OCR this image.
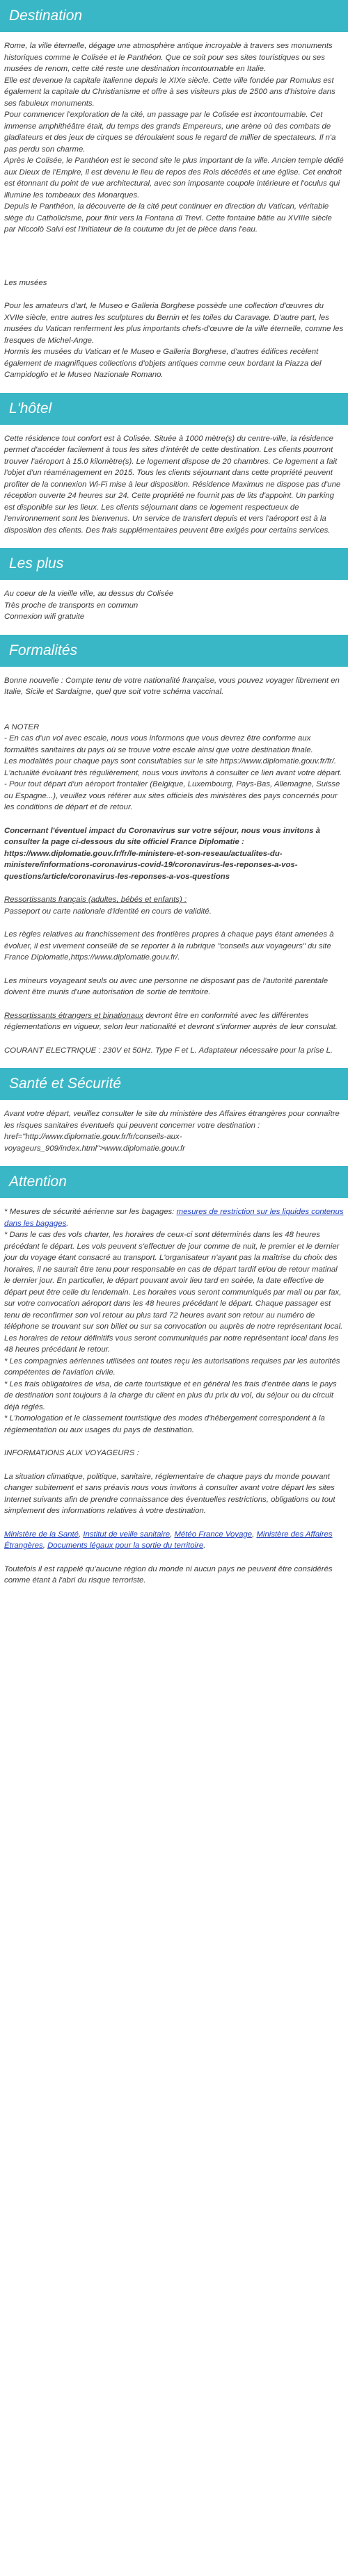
Destination

Rome, la ville éternelle, dégage une atmosphère antique incroyable à travers ses monuments historiques comme le Colisée et le Panthéon. Que ce soit pour ses sites touristiques ou ses musées de renom, cette cité reste une destination incontournable en Italie.

Elle est devenue la capitale italienne depuis le XIXe siècle. Cette ville fondée par Romulus est également la capitale du Christianisme et offre à ses visiteurs plus de 2500 ans d'histoire dans ses fabuleux monuments.

Pour commencer l'exploration de la cité, un passage par le Colisée est incontournable. Cet immense amphithéâtre était, du temps des grands Empereurs, une arène où des combats de gladiateurs et des jeux de cirques se déroulaient sous le regard de millier de spectateurs. Il n'a pas perdu son charme.

Après le Colisée, le Panthéon est le second site le plus important de la ville. Ancien temple dédié aux Dieux de l'Empire, il est devenu le lieu de repos des Rois décédés et une église. Cet endroit est étonnant du point de vue architectural, avec son imposante coupole intérieure et l'oculus qui illumine les tombeaux des Monarques.

Depuis le Panthéon, la découverte de la cité peut continuer en direction du Vatican, véritable siège du Catholicisme, pour finir vers la Fontana di Trevi. Cette fontaine bâtie au XVIIIe siècle par Niccolò Salvi est l'initiateur de la coutume du jet de pièce dans l'eau.

Les musées

Pour les amateurs d'art, le Museo e Galleria Borghese possède une collection d'œuvres du XVIIe siècle, entre autres les sculptures du Bernin et les toiles du Caravage. D'autre part, les musées du Vatican renferment les plus importants chefs-d'œuvre de la ville éternelle, comme les fresques de Michel-Ange.

Hormis les musées du Vatican et le Museo e Galleria Borghese, d'autres édifices recèlent également de magnifiques collections d'objets antiques comme ceux bordant la Piazza del Campidoglio et le Museo Nazionale Romano.

L'hôtel

Cette résidence tout confort est à Colisée. Située à 1000 mètre(s) du centre-ville, la résidence permet d'accéder facilement à tous les sites d'intérêt de cette destination. Les clients pourront trouver l'aéroport à 15.0 kilomètre(s). Le logement dispose de 20 chambres. Ce logement a fait l'objet d'un réaménagement en 2015. Tous les clients séjournant dans cette propriété peuvent profiter de la connexion Wi-Fi mise à leur disposition. Résidence Maximus ne dispose pas d'une réception ouverte 24 heures sur 24. Cette propriété ne fournit pas de lits d'appoint. Un parking est disponible sur les lieux. Les clients séjournant dans ce logement respectueux de l'environnement sont les bienvenus. Un service de transfert depuis et vers l'aéroport est à la disposition des clients. Des frais supplémentaires peuvent être exigés pour certains services.

Les plus

Au coeur de la vieille ville, au dessus du Colisée

Très proche de transports en commun

Connexion wifi gratuite

Formalités

Bonne nouvelle : Compte tenu de votre nationalité française, vous pouvez voyager librement en Italie, Sicile et Sardaigne, quel que soit votre schéma vaccinal.

A NOTER

- En cas d'un vol avec escale, nous vous informons que vous devrez être conforme aux formalités sanitaires du pays où se trouve votre escale ainsi que votre destination finale.

Les modalités pour chaque pays sont consultables sur le site https://www.diplomatie.gouv.fr/fr/. L'actualité évoluant très régulièrement, nous vous invitons à consulter ce lien avant votre départ.

- Pour tout départ d'un aéroport frontalier (Belgique, Luxembourg, Pays-Bas, Allemagne, Suisse ou Espagne...), veuillez vous référer aux sites officiels des ministères des pays concernés pour les conditions de départ et de retour.

Concernant l'éventuel impact du Coronavirus sur votre séjour, nous vous invitons à consulter la page ci-dessous du site officiel France Diplomatie : https://www.diplomatie.gouv.fr/fr/le-ministere-et-son-reseau/actualites-du-ministere/informations-coronavirus-covid-19/coronavirus-les-reponses-a-vos-questions/article/coronavirus-les-reponses-a-vos-questions

Ressortissants français (adultes, bébés et enfants) :

Passeport ou carte nationale d'identité en cours de validité.

Les règles relatives au franchissement des frontières propres à chaque pays étant amenées à évoluer, il est vivement conseillé de se reporter à la rubrique "conseils aux voyageurs" du site France Diplomatie,https://www.diplomatie.gouv.fr/.

Les mineurs voyageant seuls ou avec une personne ne disposant pas de l'autorité parentale doivent être munis d'une autorisation de sortie de territoire.

Ressortissants étrangers et binationaux devront être en conformité avec les différentes réglementations en vigueur, selon leur nationalité et devront s'informer auprès de leur consulat.

COURANT ELECTRIQUE : 230V et 50Hz. Type F et L. Adaptateur nécessaire pour la prise L.

Santé et Sécurité

Avant votre départ, veuillez consulter le site du ministère des Affaires étrangères pour connaître les risques sanitaires éventuels qui peuvent concerner votre destination : href="http://www.diplomatie.gouv.fr/fr/conseils-aux-voyageurs_909/index.html">www.diplomatie.gouv.fr

Attention

* Mesures de sécurité aérienne sur les bagages: mesures de restriction sur les liquides contenus dans les bagages.

* Dans le cas des vols charter, les horaires de ceux-ci sont déterminés dans les 48 heures précédant le départ. Les vols peuvent s'effectuer de jour comme de nuit, le premier et le dernier jour du voyage étant consacré au transport. L'organisateur n'ayant pas la maîtrise du choix des horaires, il ne saurait être tenu pour responsable en cas de départ tardif et/ou de retour matinal le dernier jour. En particulier, le départ pouvant avoir lieu tard en soirée, la date effective de départ peut être celle du lendemain. Les horaires vous seront communiqués par mail ou par fax, sur votre convocation aéroport dans les 48 heures précédant le départ. Chaque passager est tenu de reconfirmer son vol retour au plus tard 72 heures avant son retour au numéro de téléphone se trouvant sur son billet ou sur sa convocation ou auprès de notre représentant local. Les horaires de retour définitifs vous seront communiqués par notre représentant local dans les 48 heures précédant le retour.

* Les compagnies aériennes utilisées ont toutes reçu les autorisations requises par les autorités compétentes de l'aviation civile.

* Les frais obligatoires de visa, de carte touristique et en général les frais d'entrée dans le pays de destination sont toujours à la charge du client en plus du prix du vol, du séjour ou du circuit déjà réglés.

* L'homologation et le classement touristique des modes d'hébergement correspondent à la réglementation ou aux usages du pays de destination.

INFORMATIONS AUX VOYAGEURS :

La situation climatique, politique, sanitaire, réglementaire de chaque pays du monde pouvant changer subitement et sans préavis nous vous invitons à consulter avant votre départ les sites Internet suivants afin de prendre connaissance des éventuelles restrictions, obligations ou tout simplement des informations relatives à votre destination.

Ministère de la Santé, Institut de veille sanitaire, Météo France Voyage, Ministère des Affaires Étrangères, Documents légaux pour la sortie du territoire.

Toutefois il est rappelé qu'aucune région du monde ni aucun pays ne peuvent être considérés comme étant à l'abri du risque terroriste.
